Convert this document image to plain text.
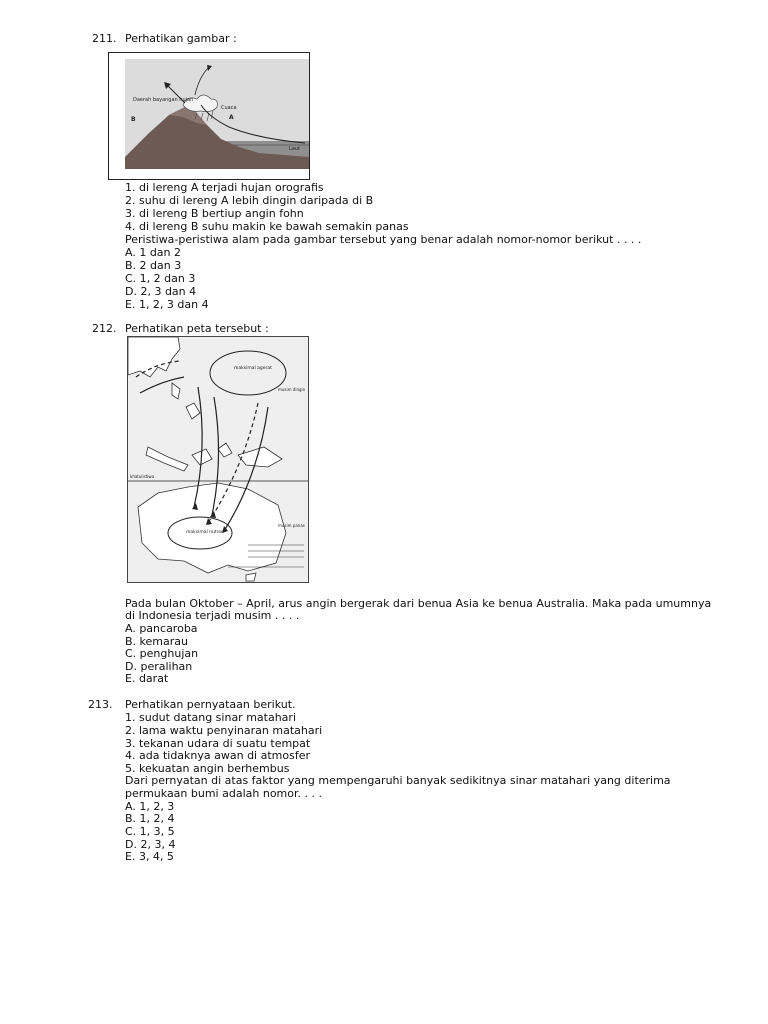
211. Perhatikan gambar :
Daerah bayangan hujan
B
Cuaca
A
Laut
1. di lereng A terjadi hujan orografis
2. suhu di lereng A lebih dingin daripada di B
3. di lereng B bertiup angin fohn
4. di lereng B suhu makin ke bawah semakin panas
Peristiwa-peristiwa alam pada gambar tersebut yang benar adalah nomor-nomor berikut . . . .
A. 1 dan 2
B. 2 dan 3
C. 1, 2 dan 3
D. 2, 3 dan 4
E. 1, 2, 3 dan 4
212. Perhatikan peta tersebut :
maksimal agerat
musim dingin
khatulistiwa
maksimal nutron
musim panas
Pada bulan Oktober – April, arus angin bergerak dari benua Asia ke benua Australia. Maka pada umumnya
di Indonesia terjadi musim . . . .
A. pancaroba
B. kemarau
C. penghujan
D. peralihan
E. darat
213. Perhatikan pernyataan berikut.
1. sudut datang sinar matahari
2. lama waktu penyinaran matahari
3. tekanan udara di suatu tempat
4. ada tidaknya awan di atmosfer
5. kekuatan angin berhembus
Dari pernyatan di atas faktor yang mempengaruhi banyak sedikitnya sinar matahari yang diterima
permukaan bumi adalah nomor. . . .
A. 1, 2, 3
B. 1, 2, 4
C. 1, 3, 5
D. 2, 3, 4
E. 3, 4, 5
